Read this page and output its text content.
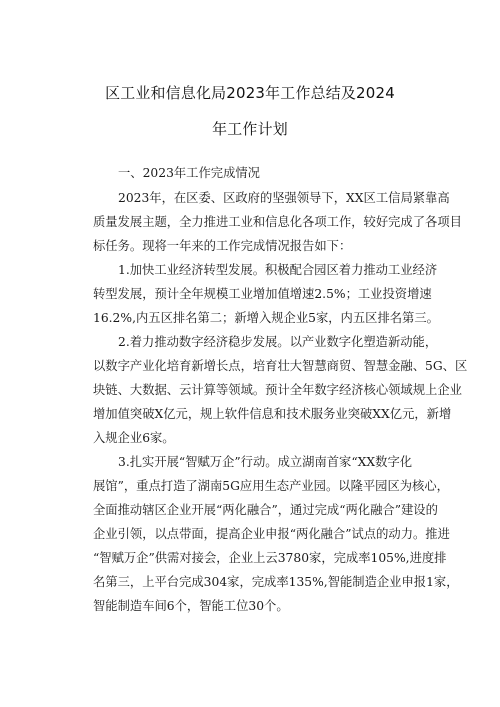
区工业和信息化局2023年工作总结及2024
年工作计划
一、2023年工作完成情况
2023年，在区委、区政府的坚强领导下，XX区工信局紧靠高
质量发展主题，全力推进工业和信息化各项工作，较好完成了各项目
标任务。现将一年来的工作完成情况报告如下：
1.加快工业经济转型发展。积极配合园区着力推动工业经济
转型发展，预计全年规模工业增加值增速2.5%；工业投资增速
16.2%,内五区排名第二；新增入规企业5家，内五区排名第三。
2.着力推动数字经济稳步发展。以产业数字化塑造新动能，
以数字产业化培育新增长点，培育壮大智慧商贸、智慧金融、5G、区
块链、大数据、云计算等领域。预计全年数字经济核心领域规上企业
增加值突破X亿元，规上软件信息和技术服务业突破XX亿元，新增
入规企业6家。
3.扎实开展“智赋万企”行动。成立湖南首家“XX数字化
展馆”，重点打造了湖南5G应用生态产业园。以隆平园区为核心，
全面推动辖区企业开展“两化融合”，通过完成“两化融合”建设的
企业引领，以点带面，提高企业申报“两化融合”试点的动力。推进
“智赋万企”供需对接会，企业上云3780家，完成率105%,进度排
名第三，上平台完成304家，完成率135%,智能制造企业申报1家，
智能制造车间6个，智能工位30个。
